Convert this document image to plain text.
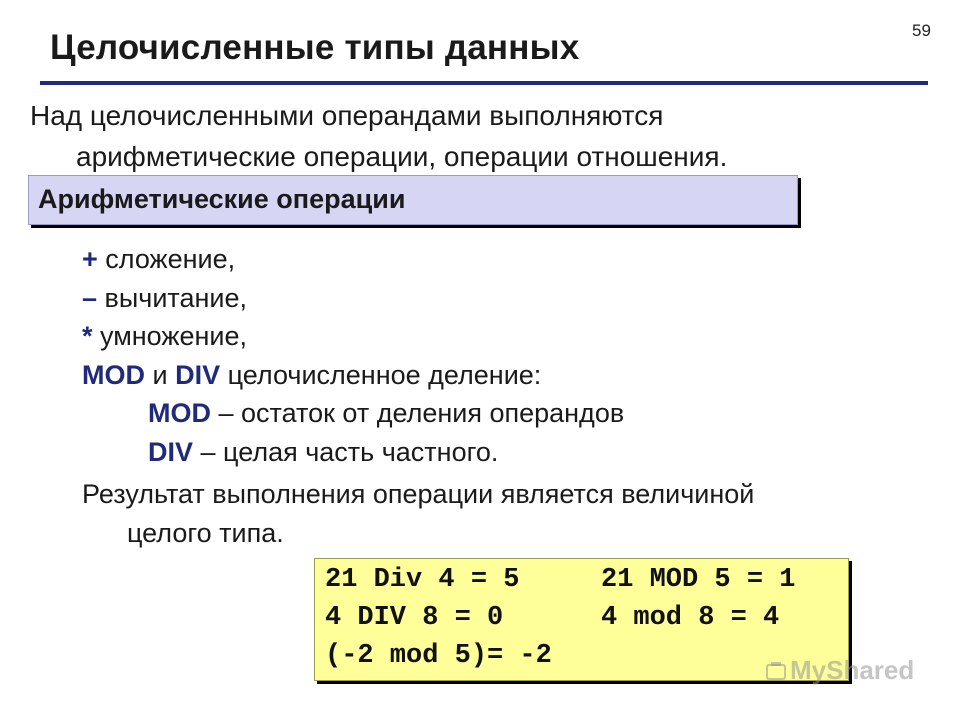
59
Целочисленные типы данных
Над целочисленными операндами выполняются
арифметические операции, операции отношения.
Арифметические операции
+ сложение,
– вычитание,
* умножение,
MOD и DIV целочисленное деление:
MOD – остаток от деления операндов
DIV – целая часть частного.
Результат выполнения операции является величиной
целого типа.
21 Div 4 = 5	21 MOD 5 = 1
4 DIV 8 = 0	4 mod 8 = 4
(-2 mod 5)= -2	MyShared
